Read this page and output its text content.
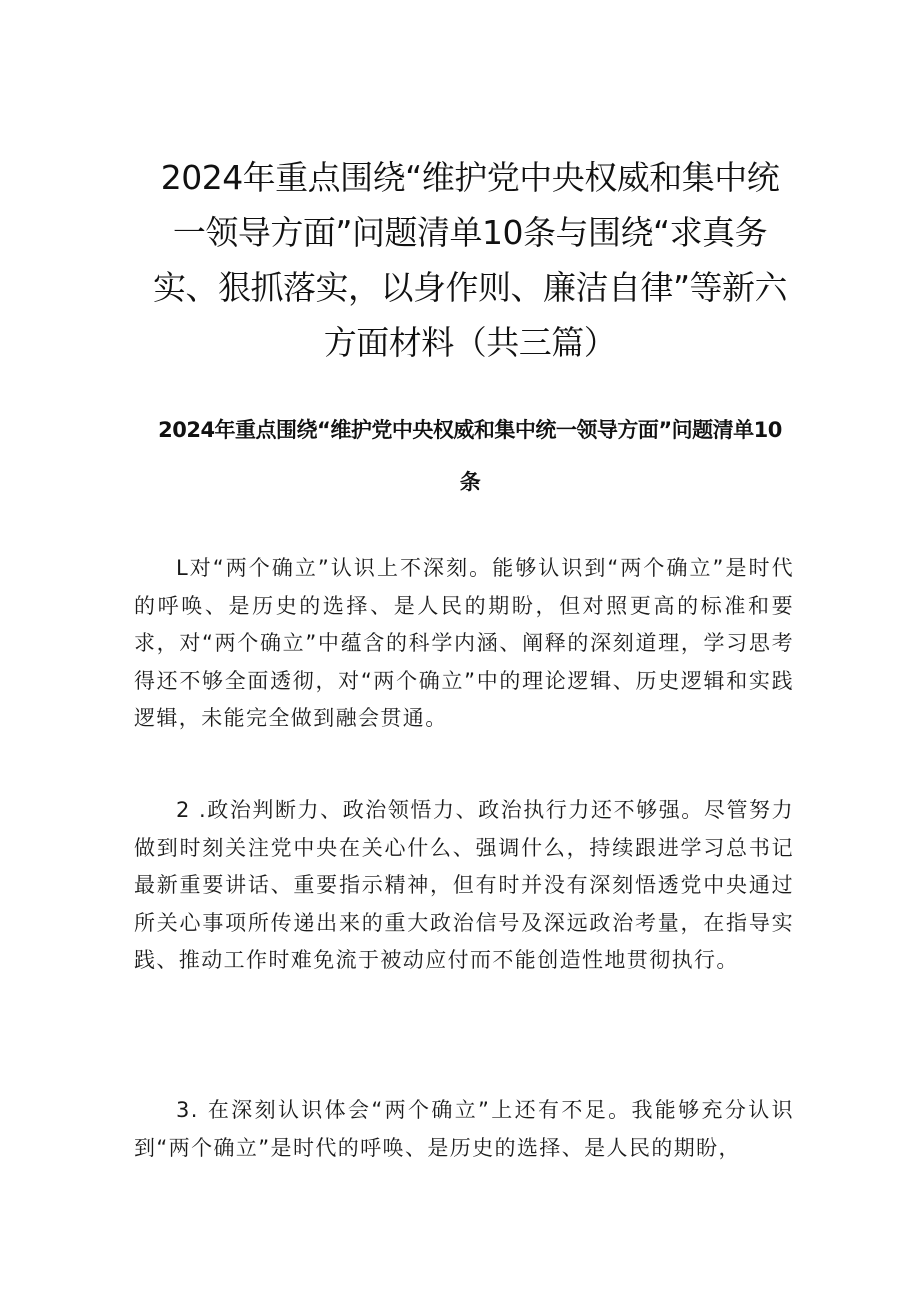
2024年重点围绕“维护党中央权威和集中统一领导方面”问题清单10条与围绕“求真务实、狠抓落实，以身作则、廉洁自律”等新六方面材料（共三篇）
2024年重点围绕“维护党中央权威和集中统一领导方面”问题清单10条

L对“两个确立”认识上不深刻。能够认识到“两个确立”是时代的呼唤、是历史的选择、是人民的期盼，但对照更高的标准和要求，对“两个确立”中蕴含的科学内涵、阐释的深刻道理，学习思考得还不够全面透彻，对“两个确立”中的理论逻辑、历史逻辑和实践逻辑，未能完全做到融会贯通。

2 .政治判断力、政治领悟力、政治执行力还不够强。尽管努力做到时刻关注党中央在关心什么、强调什么，持续跟进学习总书记最新重要讲话、重要指示精神，但有时并没有深刻悟透党中央通过所关心事项所传递出来的重大政治信号及深远政治考量，在指导实践、推动工作时难免流于被动应付而不能创造性地贯彻执行。

3. 在深刻认识体会“两个确立”上还有不足。我能够充分认识到“两个确立”是时代的呼唤、是历史的选择、是人民的期盼，
